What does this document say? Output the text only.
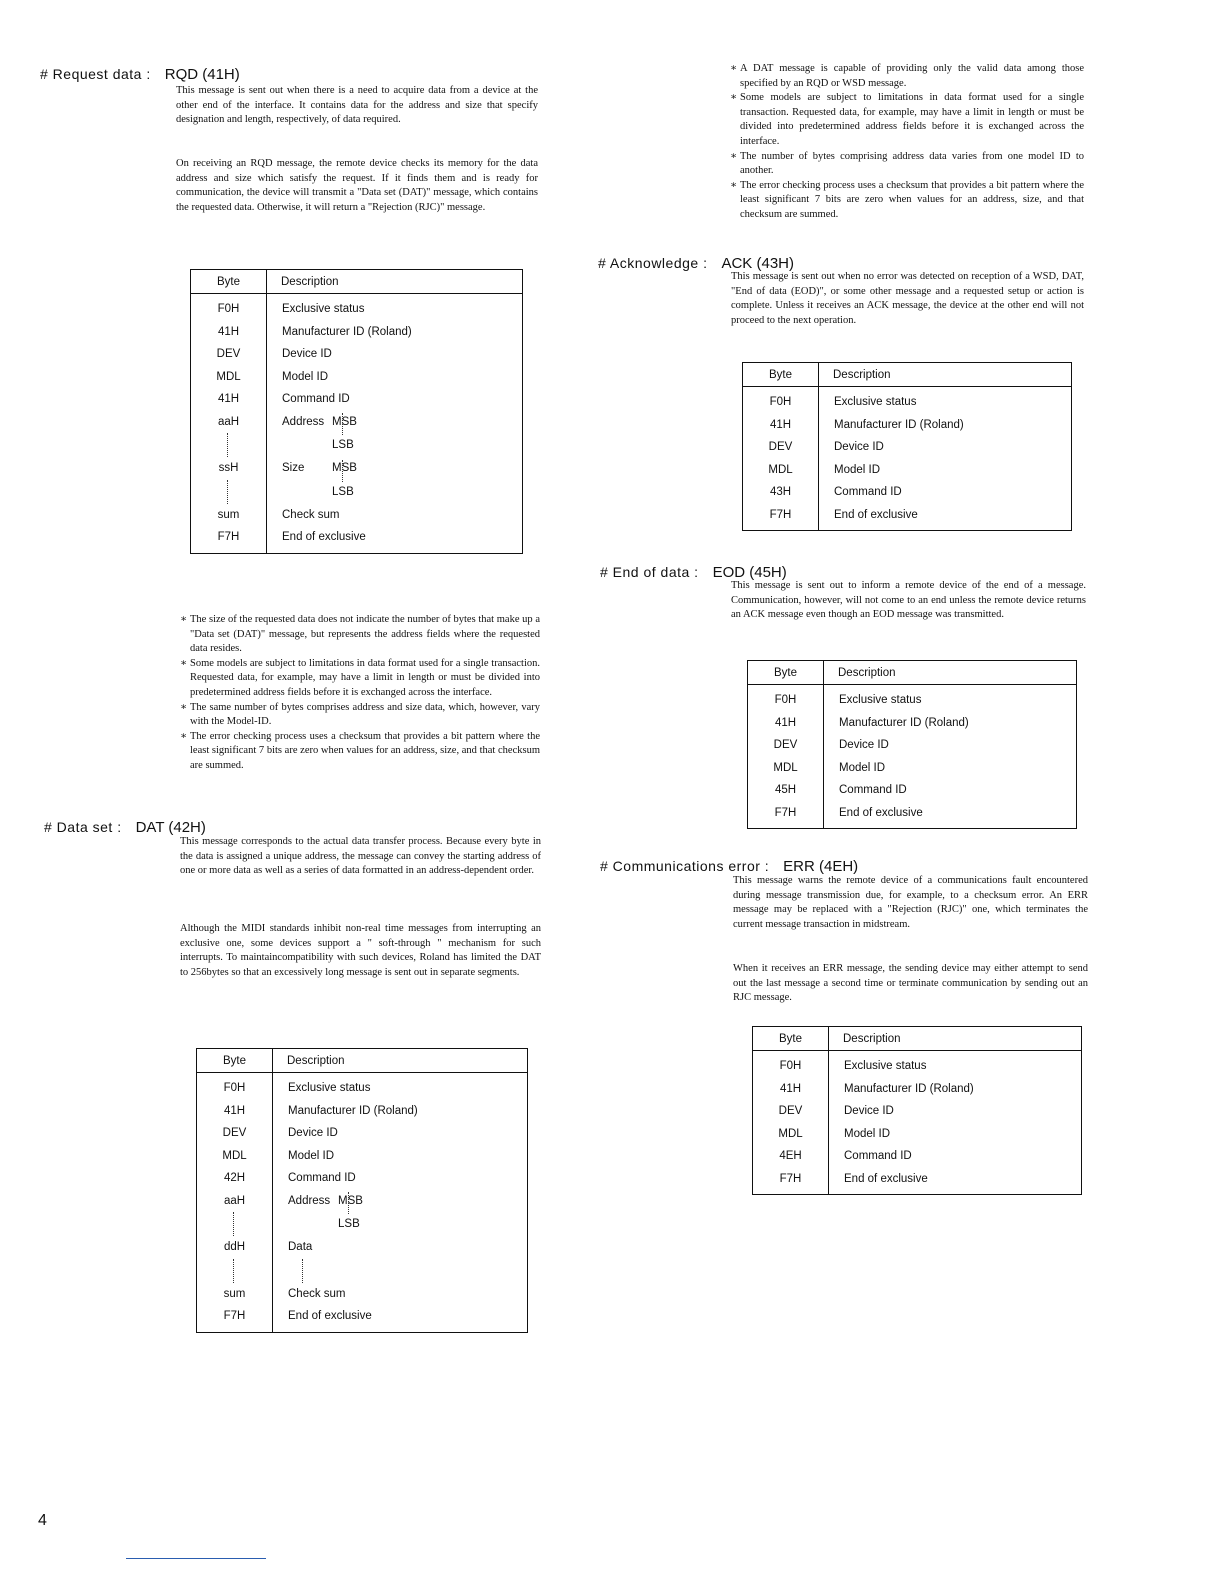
# Request data : RQD (41H)

This message is sent out when there is a need to acquire data from a device at the other end of the interface. It contains data for the address and size that specify designation and length, respectively, of data required.

On receiving an RQD message, the remote device checks its memory for the data address and size which satisfy the request. If it finds them and is ready for communication, the device will transmit a "Data set (DAT)" message, which contains the requested data. Otherwise, it will return a "Rejection (RJC)" message.

Byte	Description
F0H	Exclusive status
41H	Manufacturer ID (Roland)
DEV	Device ID
MDL	Model ID
41H	Command ID
aaH	Address MSB

LSB
ssH	Size MSB

LSB
sum	Check sum
F7H	End of exclusive
∗ The size of the requested data does not indicate the number of bytes that make up a "Data set (DAT)" message, but represents the address fields where the requested data resides.
∗ Some models are subject to limitations in data format used for a single transaction. Requested data, for example, may have a limit in length or must be divided into predetermined address fields before it is exchanged across the interface.
∗ The same number of bytes comprises address and size data, which, however, vary with the Model-ID.
∗ The error checking process uses a checksum that provides a bit pattern where the least significant 7 bits are zero when values for an address, size, and that checksum are summed.
# Data set : DAT (42H)

This message corresponds to the actual data transfer process. Because every byte in the data is assigned a unique address, the message can convey the starting address of one or more data as well as a series of data formatted in an address-dependent order.

Although the MIDI standards inhibit non-real time messages from interrupting an exclusive one, some devices support a " soft-through " mechanism for such interrupts. To maintaincompatibility with such devices, Roland has limited the DAT to 256bytes so that an excessively long message is sent out in separate segments.

Byte	Description
F0H	Exclusive status
41H	Manufacturer ID (Roland)
DEV	Device ID
MDL	Model ID
42H	Command ID
aaH	Address MSB

LSB
ddH	Data

sum	Check sum
F7H	End of exclusive
∗ A DAT message is capable of providing only the valid data among those specified by an RQD or WSD message.
∗ Some models are subject to limitations in data format used for a single transaction. Requested data, for example, may have a limit in length or must be divided into predetermined address fields before it is exchanged across the interface.
∗ The number of bytes comprising address data varies from one model ID to another.
∗ The error checking process uses a checksum that provides a bit pattern where the least significant 7 bits are zero when values for an address, size, and that checksum are summed.
# Acknowledge : ACK (43H)

This message is sent out when no error was detected on reception of a WSD, DAT, "End of data (EOD)", or some other message and a requested setup or action is complete. Unless it receives an ACK message, the device at the other end will not proceed to the next operation.

Byte	Description
F0H	Exclusive status
41H	Manufacturer ID (Roland)
DEV	Device ID
MDL	Model ID
43H	Command ID
F7H	End of exclusive
# End of data : EOD (45H)

This message is sent out to inform a remote device of the end of a message. Communication, however, will not come to an end unless the remote device returns an ACK message even though an EOD message was transmitted.

Byte	Description
F0H	Exclusive status
41H	Manufacturer ID (Roland)
DEV	Device ID
MDL	Model ID
45H	Command ID
F7H	End of exclusive
# Communications error : ERR (4EH)

This message warns the remote device of a communications fault encountered during message transmission due, for example, to a checksum error. An ERR message may be replaced with a "Rejection (RJC)" one, which terminates the current message transaction in midstream.

When it receives an ERR message, the sending device may either attempt to send out the last message a second time or terminate communication by sending out an RJC message.

Byte	Description
F0H	Exclusive status
41H	Manufacturer ID (Roland)
DEV	Device ID
MDL	Model ID
4EH	Command ID
F7H	End of exclusive
4
